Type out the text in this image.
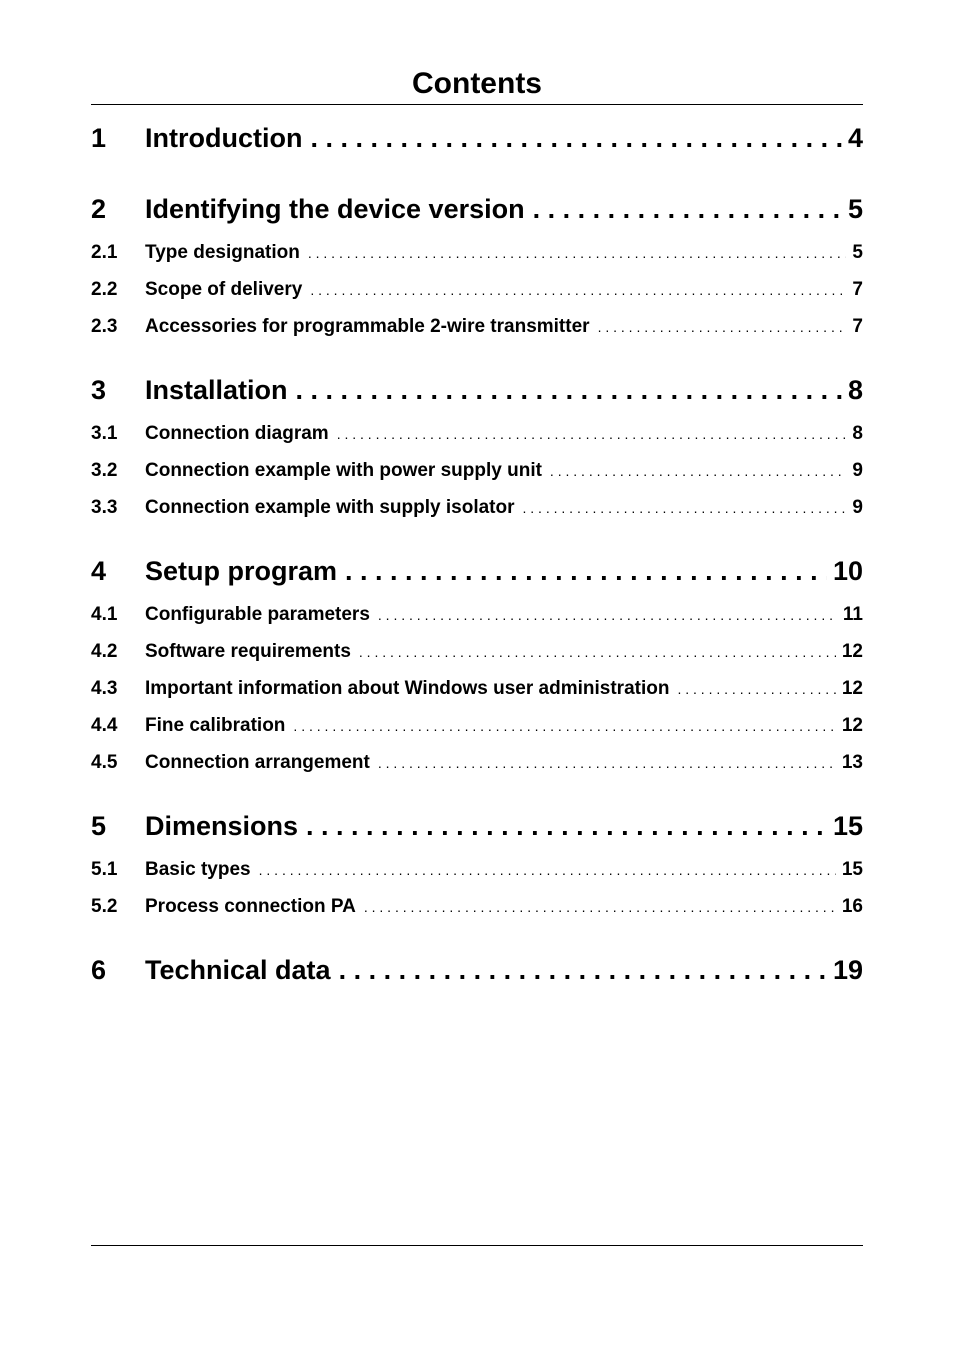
Contents
1	Introduction . . .	4
2	Identifying the device version . . .	5
2.1	Type designation . . .	5
2.2	Scope of delivery . . .	7
2.3	Accessories for programmable 2-wire transmitter . . .	7
3	Installation . . .	8
3.1	Connection diagram . . .	8
3.2	Connection example with power supply unit . . .	9
3.3	Connection example with supply isolator . . .	9
4	Setup program . . .	10
4.1	Configurable parameters . . .	11
4.2	Software requirements . . .	12
4.3	Important information about Windows user administration . . .	12
4.4	Fine calibration . . .	12
4.5	Connection arrangement . . .	13
5	Dimensions . . .	15
5.1	Basic types . . .	15
5.2	Process connection PA . . .	16
6	Technical data . . .	19
